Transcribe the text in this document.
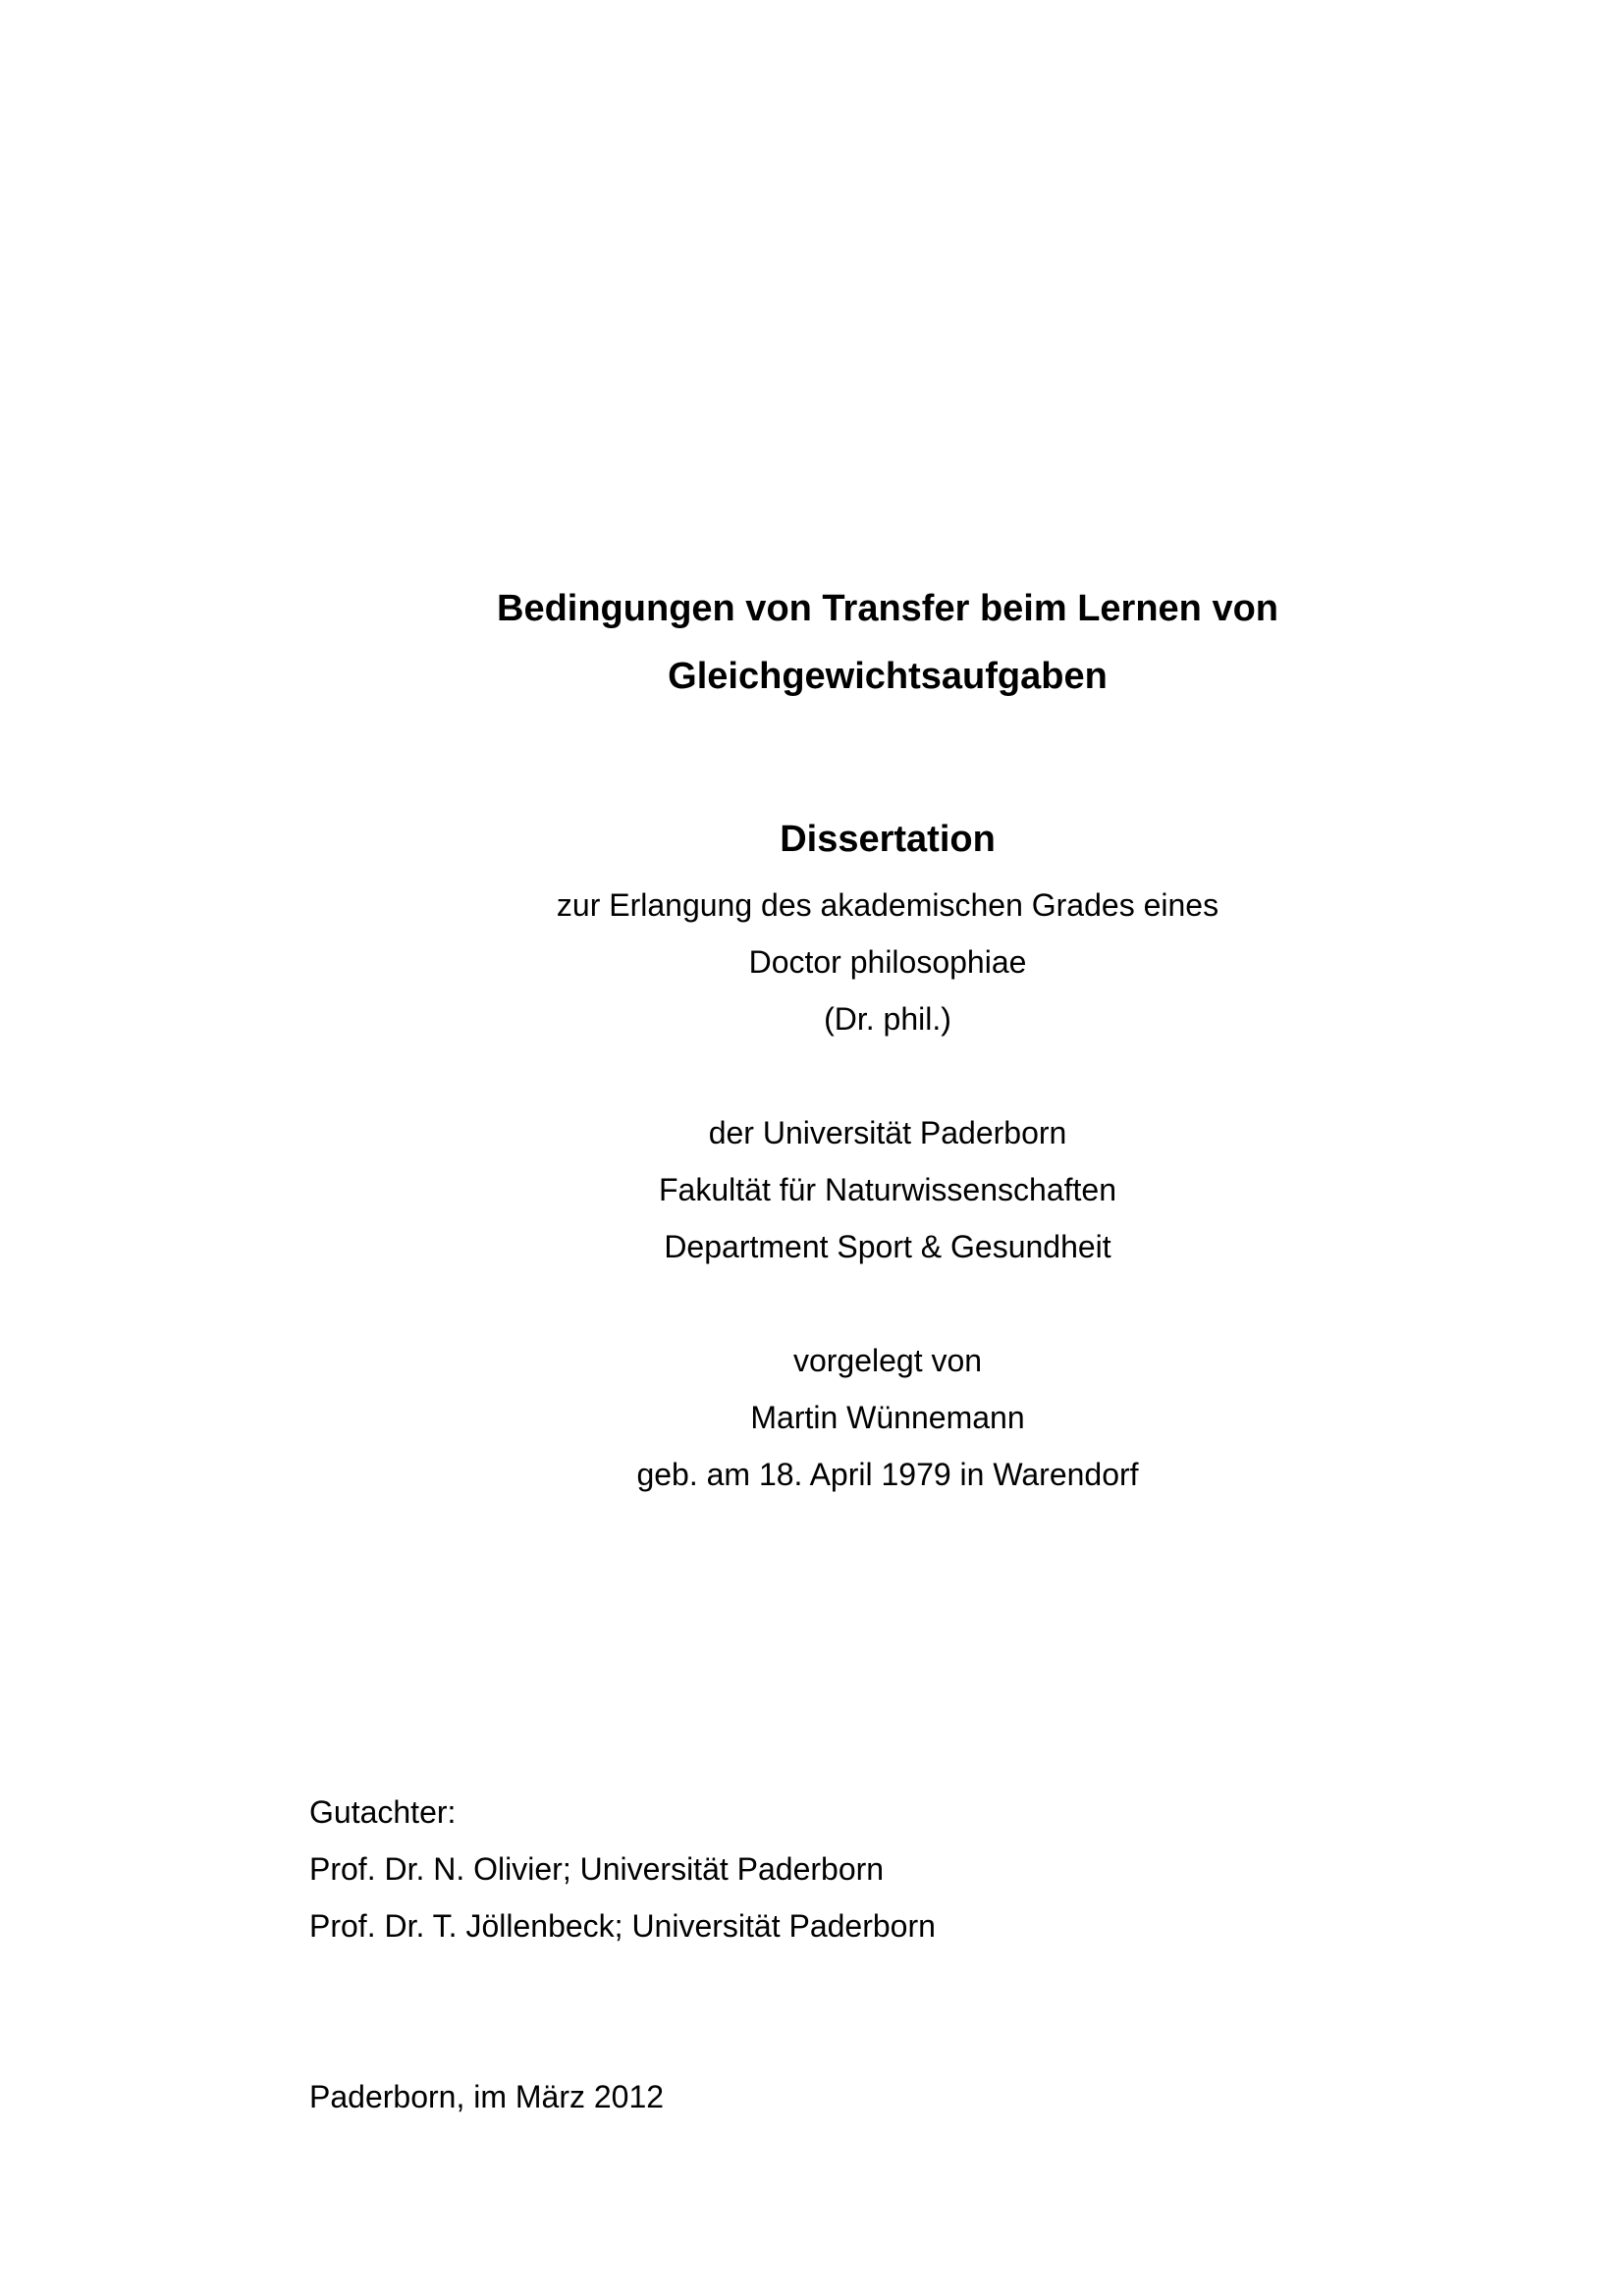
Bedingungen von Transfer beim Lernen von
Gleichgewichtsaufgaben
Dissertation
zur Erlangung des akademischen Grades eines
Doctor philosophiae
(Dr. phil.)
der Universität Paderborn
Fakultät für Naturwissenschaften
Department Sport & Gesundheit
vorgelegt von
Martin Wünnemann
geb. am 18. April 1979 in Warendorf
Gutachter:
Prof. Dr. N. Olivier; Universität Paderborn
Prof. Dr. T. Jöllenbeck; Universität Paderborn
Paderborn, im März 2012
